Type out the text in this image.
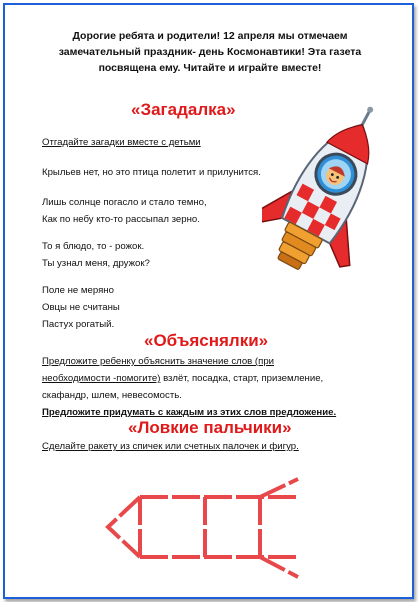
Дорогие ребята и родители! 12 апреля мы отмечаем замечательный праздник- день Космонавтики! Эта газета посвящена ему. Читайте и играйте вместе!
«Загадалка»
Отгадайте загадки вместе с детьми
Крыльев нет, но это птица полетит и прилунится.
Лишь солнце погасло и стало темно,
Как по небу кто-то рассыпал зерно.
То я блюдо, то - рожок.
Ты узнал меня, дружок?
Поле не меряно
Овцы не считаны
Пастух рогатый.
«Объяснялки»
Предложите ребенку объяснить значение слов (при
необходимости -помогите) взлёт, посадка, старт, приземление,
скафандр, шлем, невесомость.
Предложите придумать с каждым из этих слов предложение.
«Ловкие пальчики»
Сделайте ракету из спичек или счетных палочек и фигур.
